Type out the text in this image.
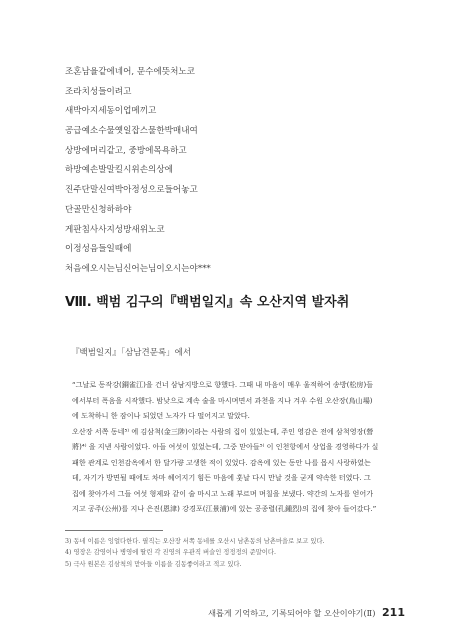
조혼남율같에네어, 문수에뜻처노코
조라치성들이려고
새박아지세동이업메끼고
공급예소수물옛일잡스물한박매내여
상방에머리같고, 중방에목욕하고
하방예손발말킬시위손의상에
진주단말신여박아정성으로들어놓고
단골만신청하하야
게판침사사지성방새위노코
이정성음들일때에
처음에오시는님신어는님이오시는야***
Ⅷ. 백범 김구의『백범일지』속 오산지역 발자취
『백범일지』「삼남견문록」에서
“그날로 동작강(銅雀江)을 건너 삼남지방으로 향했다. 그때 내 마음이 매우 울적하여 송방(松房)들
에서부터 폭음을 시작했다. 밤낮으로 계속 술을 마시며면서 과천을 지나 겨우 수원 오산장(烏山場)
에 도착하니 한 잠이나 되었던 노자가 다 떨어지고 말았다.
오산장 서쪽 동네⁵⁾ 에 김삼척(金三陟)이라는 사람의 집이 있었는데, 주인 영감은 전에 삼척영장(營
將)⁴⁾ 을 지낸 사람이었다. 아들 여섯이 있었는데, 그중 맏아들⁵⁾ 이 인천항에서 상업을 경영하다가 실
패한 관계로 인천감옥에서 한 달가량 고생한 적이 있었다. 감옥에 있는 동안 나를 몹시 사랑하였는
데, 자기가 방면될 때에도 차마 헤어지기 힘든 마음에 훗날 다시 만날 것을 굳게 약속한 터였다. 그
집에 찾아가서 그들 여섯 형제와 같이 술 마시고 노래 부르며 며칠을 보냈다. 약간의 노자를 얻어가
지고 공주(公州)를 지나 은진(恩津) 강경포(江景浦)에 있는 공종렬(孔鍾烈)의 집에 찾아 들어갔다.”
3) 동네 이름은 잉얼다한다. 필직는 오산장 서쪽 동네를 오산시 남촌동의 남촌마을로 보고 있다.
4) 영장은 감영이나 병영에 딸린 각 진영의 우관직 버슬인 정정정의 준말이다.
5) 극사 원본은 김삼척의 맏아들 이름을 김동좋이라고 적고 있다.
새롭게 기억하고, 기록되어야 할 오산이야기(Ⅱ) 211
